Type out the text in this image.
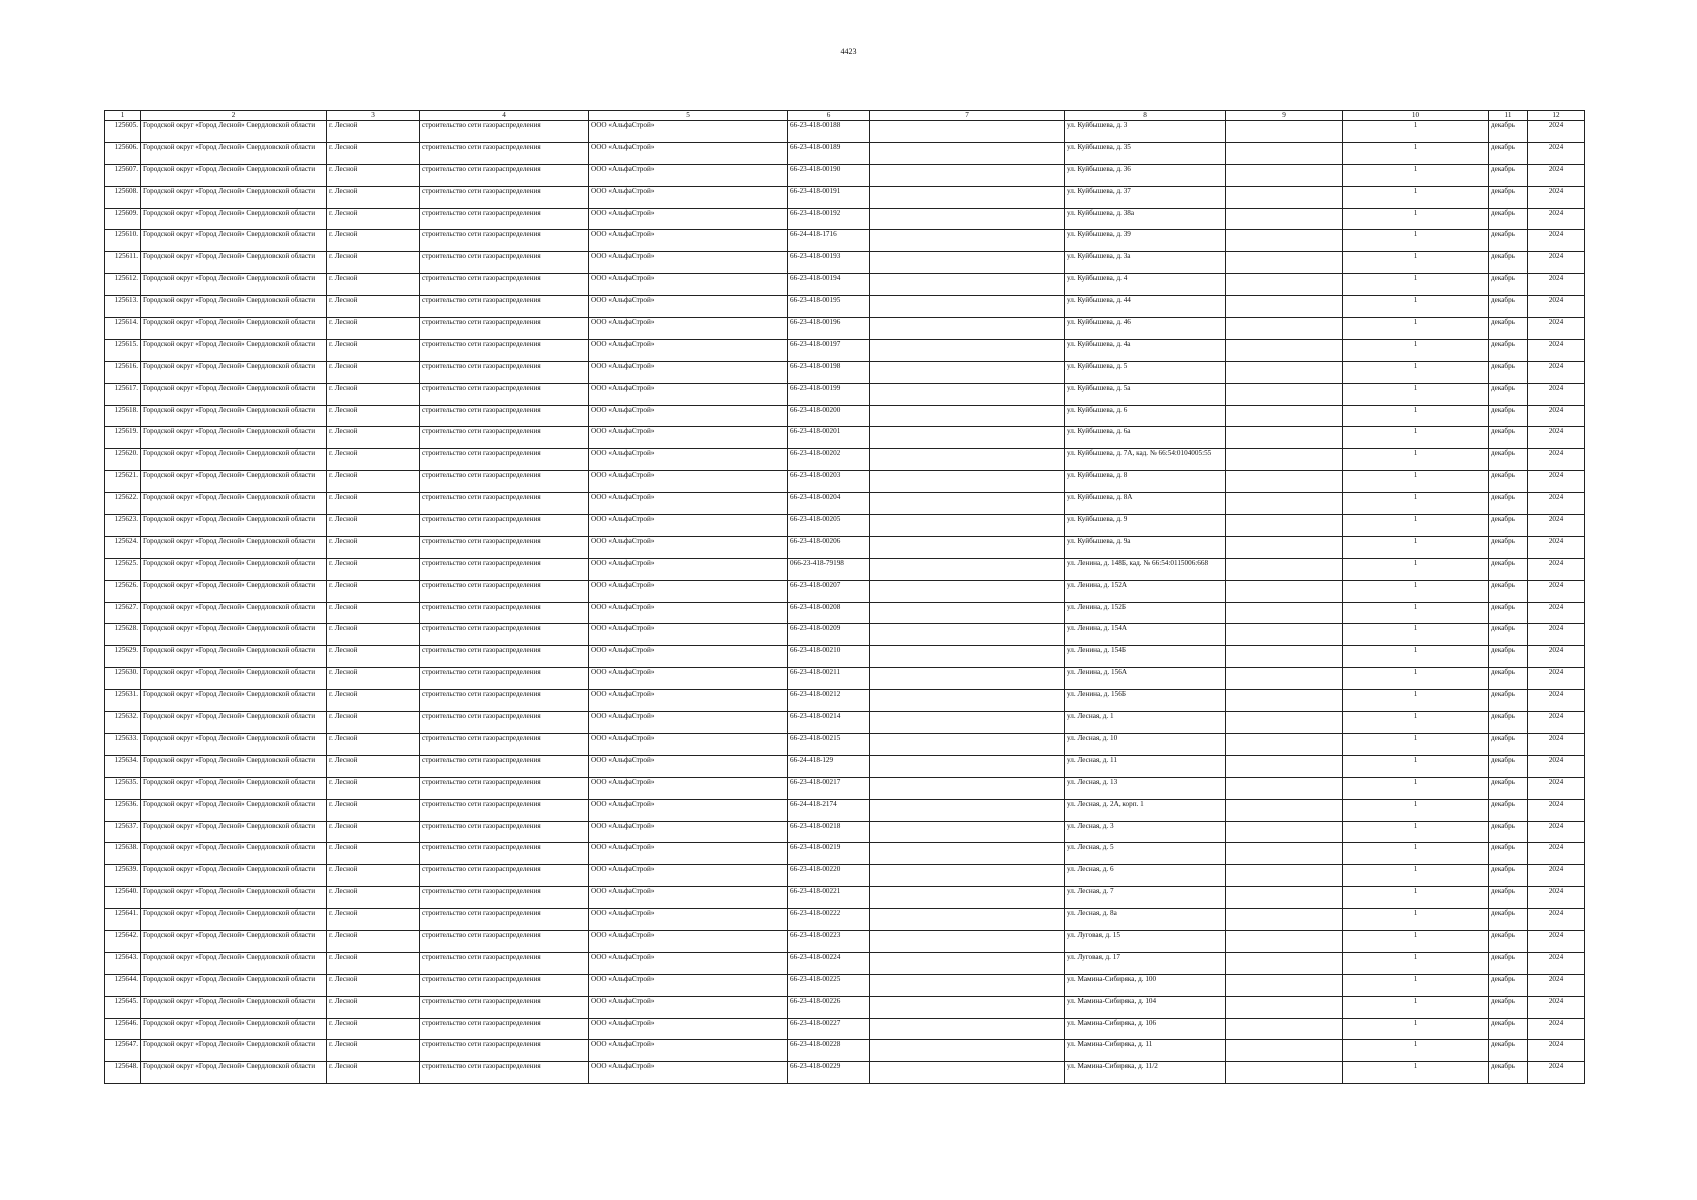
4423
1	2	3	4	5	6	7	8	9	10	11	12
125605.	Городской округ «Город Лесной» Свердловской области	г. Лесной	строительство сети газораспределения	ООО «АльфаСтрой»	66-23-418-00188		ул. Куйбышева, д. 3		1	декабрь	2024
125606.	Городской округ «Город Лесной» Свердловской области	г. Лесной	строительство сети газораспределения	ООО «АльфаСтрой»	66-23-418-00189		ул. Куйбышева, д. 35		1	декабрь	2024
125607.	Городской округ «Город Лесной» Свердловской области	г. Лесной	строительство сети газораспределения	ООО «АльфаСтрой»	66-23-418-00190		ул. Куйбышева, д. 36		1	декабрь	2024
125608.	Городской округ «Город Лесной» Свердловской области	г. Лесной	строительство сети газораспределения	ООО «АльфаСтрой»	66-23-418-00191		ул. Куйбышева, д. 37		1	декабрь	2024
125609.	Городской округ «Город Лесной» Свердловской области	г. Лесной	строительство сети газораспределения	ООО «АльфаСтрой»	66-23-418-00192		ул. Куйбышева, д. 38а		1	декабрь	2024
125610.	Городской округ «Город Лесной» Свердловской области	г. Лесной	строительство сети газораспределения	ООО «АльфаСтрой»	66-24-418-1716		ул. Куйбышева, д. 39		1	декабрь	2024
125611.	Городской округ «Город Лесной» Свердловской области	г. Лесной	строительство сети газораспределения	ООО «АльфаСтрой»	66-23-418-00193		ул. Куйбышева, д. 3а		1	декабрь	2024
125612.	Городской округ «Город Лесной» Свердловской области	г. Лесной	строительство сети газораспределения	ООО «АльфаСтрой»	66-23-418-00194		ул. Куйбышева, д. 4		1	декабрь	2024
125613.	Городской округ «Город Лесной» Свердловской области	г. Лесной	строительство сети газораспределения	ООО «АльфаСтрой»	66-23-418-00195		ул. Куйбышева, д. 44		1	декабрь	2024
125614.	Городской округ «Город Лесной» Свердловской области	г. Лесной	строительство сети газораспределения	ООО «АльфаСтрой»	66-23-418-00196		ул. Куйбышева, д. 46		1	декабрь	2024
125615.	Городской округ «Город Лесной» Свердловской области	г. Лесной	строительство сети газораспределения	ООО «АльфаСтрой»	66-23-418-00197		ул. Куйбышева, д. 4а		1	декабрь	2024
125616.	Городской округ «Город Лесной» Свердловской области	г. Лесной	строительство сети газораспределения	ООО «АльфаСтрой»	66-23-418-00198		ул. Куйбышева, д. 5		1	декабрь	2024
125617.	Городской округ «Город Лесной» Свердловской области	г. Лесной	строительство сети газораспределения	ООО «АльфаСтрой»	66-23-418-00199		ул. Куйбышева, д. 5а		1	декабрь	2024
125618.	Городской округ «Город Лесной» Свердловской области	г. Лесной	строительство сети газораспределения	ООО «АльфаСтрой»	66-23-418-00200		ул. Куйбышева, д. 6		1	декабрь	2024
125619.	Городской округ «Город Лесной» Свердловской области	г. Лесной	строительство сети газораспределения	ООО «АльфаСтрой»	66-23-418-00201		ул. Куйбышева, д. 6а		1	декабрь	2024
125620.	Городской округ «Город Лесной» Свердловской области	г. Лесной	строительство сети газораспределения	ООО «АльфаСтрой»	66-23-418-00202		ул. Куйбышева, д. 7А, кад. № 66:54:0104005:55		1	декабрь	2024
125621.	Городской округ «Город Лесной» Свердловской области	г. Лесной	строительство сети газораспределения	ООО «АльфаСтрой»	66-23-418-00203		ул. Куйбышева, д. 8		1	декабрь	2024
125622.	Городской округ «Город Лесной» Свердловской области	г. Лесной	строительство сети газораспределения	ООО «АльфаСтрой»	66-23-418-00204		ул. Куйбышева, д. 8А		1	декабрь	2024
125623.	Городской округ «Город Лесной» Свердловской области	г. Лесной	строительство сети газораспределения	ООО «АльфаСтрой»	66-23-418-00205		ул. Куйбышева, д. 9		1	декабрь	2024
125624.	Городской округ «Город Лесной» Свердловской области	г. Лесной	строительство сети газораспределения	ООО «АльфаСтрой»	66-23-418-00206		ул. Куйбышева, д. 9а		1	декабрь	2024
125625.	Городской округ «Город Лесной» Свердловской области	г. Лесной	строительство сети газораспределения	ООО «АльфаСтрой»	066-23-418-79198		ул. Ленина, д. 148Б, кад. № 66:54:0115006:668		1	декабрь	2024
125626.	Городской округ «Город Лесной» Свердловской области	г. Лесной	строительство сети газораспределения	ООО «АльфаСтрой»	66-23-418-00207		ул. Ленина, д. 152А		1	декабрь	2024
125627.	Городской округ «Город Лесной» Свердловской области	г. Лесной	строительство сети газораспределения	ООО «АльфаСтрой»	66-23-418-00208		ул. Ленина, д. 152Б		1	декабрь	2024
125628.	Городской округ «Город Лесной» Свердловской области	г. Лесной	строительство сети газораспределения	ООО «АльфаСтрой»	66-23-418-00209		ул. Ленина, д. 154А		1	декабрь	2024
125629.	Городской округ «Город Лесной» Свердловской области	г. Лесной	строительство сети газораспределения	ООО «АльфаСтрой»	66-23-418-00210		ул. Ленина, д. 154Б		1	декабрь	2024
125630.	Городской округ «Город Лесной» Свердловской области	г. Лесной	строительство сети газораспределения	ООО «АльфаСтрой»	66-23-418-00211		ул. Ленина, д. 156А		1	декабрь	2024
125631.	Городской округ «Город Лесной» Свердловской области	г. Лесной	строительство сети газораспределения	ООО «АльфаСтрой»	66-23-418-00212		ул. Ленина, д. 156Б		1	декабрь	2024
125632.	Городской округ «Город Лесной» Свердловской области	г. Лесной	строительство сети газораспределения	ООО «АльфаСтрой»	66-23-418-00214		ул. Лесная, д. 1		1	декабрь	2024
125633.	Городской округ «Город Лесной» Свердловской области	г. Лесной	строительство сети газораспределения	ООО «АльфаСтрой»	66-23-418-00215		ул. Лесная, д. 10		1	декабрь	2024
125634.	Городской округ «Город Лесной» Свердловской области	г. Лесной	строительство сети газораспределения	ООО «АльфаСтрой»	66-24-418-129		ул. Лесная, д. 11		1	декабрь	2024
125635.	Городской округ «Город Лесной» Свердловской области	г. Лесной	строительство сети газораспределения	ООО «АльфаСтрой»	66-23-418-00217		ул. Лесная, д. 13		1	декабрь	2024
125636.	Городской округ «Город Лесной» Свердловской области	г. Лесной	строительство сети газораспределения	ООО «АльфаСтрой»	66-24-418-2174		ул. Лесная, д. 2А, корп. 1		1	декабрь	2024
125637.	Городской округ «Город Лесной» Свердловской области	г. Лесной	строительство сети газораспределения	ООО «АльфаСтрой»	66-23-418-00218		ул. Лесная, д. 3		1	декабрь	2024
125638.	Городской округ «Город Лесной» Свердловской области	г. Лесной	строительство сети газораспределения	ООО «АльфаСтрой»	66-23-418-00219		ул. Лесная, д. 5		1	декабрь	2024
125639.	Городской округ «Город Лесной» Свердловской области	г. Лесной	строительство сети газораспределения	ООО «АльфаСтрой»	66-23-418-00220		ул. Лесная, д. 6		1	декабрь	2024
125640.	Городской округ «Город Лесной» Свердловской области	г. Лесной	строительство сети газораспределения	ООО «АльфаСтрой»	66-23-418-00221		ул. Лесная, д. 7		1	декабрь	2024
125641.	Городской округ «Город Лесной» Свердловской области	г. Лесной	строительство сети газораспределения	ООО «АльфаСтрой»	66-23-418-00222		ул. Лесная, д. 8а		1	декабрь	2024
125642.	Городской округ «Город Лесной» Свердловской области	г. Лесной	строительство сети газораспределения	ООО «АльфаСтрой»	66-23-418-00223		ул. Луговая, д. 15		1	декабрь	2024
125643.	Городской округ «Город Лесной» Свердловской области	г. Лесной	строительство сети газораспределения	ООО «АльфаСтрой»	66-23-418-00224		ул. Луговая, д. 17		1	декабрь	2024
125644.	Городской округ «Город Лесной» Свердловской области	г. Лесной	строительство сети газораспределения	ООО «АльфаСтрой»	66-23-418-00225		ул. Мамина-Сибиряка, д. 100		1	декабрь	2024
125645.	Городской округ «Город Лесной» Свердловской области	г. Лесной	строительство сети газораспределения	ООО «АльфаСтрой»	66-23-418-00226		ул. Мамина-Сибиряка, д. 104		1	декабрь	2024
125646.	Городской округ «Город Лесной» Свердловской области	г. Лесной	строительство сети газораспределения	ООО «АльфаСтрой»	66-23-418-00227		ул. Мамина-Сибиряка, д. 106		1	декабрь	2024
125647.	Городской округ «Город Лесной» Свердловской области	г. Лесной	строительство сети газораспределения	ООО «АльфаСтрой»	66-23-418-00228		ул. Мамина-Сибиряка, д. 11		1	декабрь	2024
125648.	Городской округ «Город Лесной» Свердловской области	г. Лесной	строительство сети газораспределения	ООО «АльфаСтрой»	66-23-418-00229		ул. Мамина-Сибиряка, д. 11/2		1	декабрь	2024
